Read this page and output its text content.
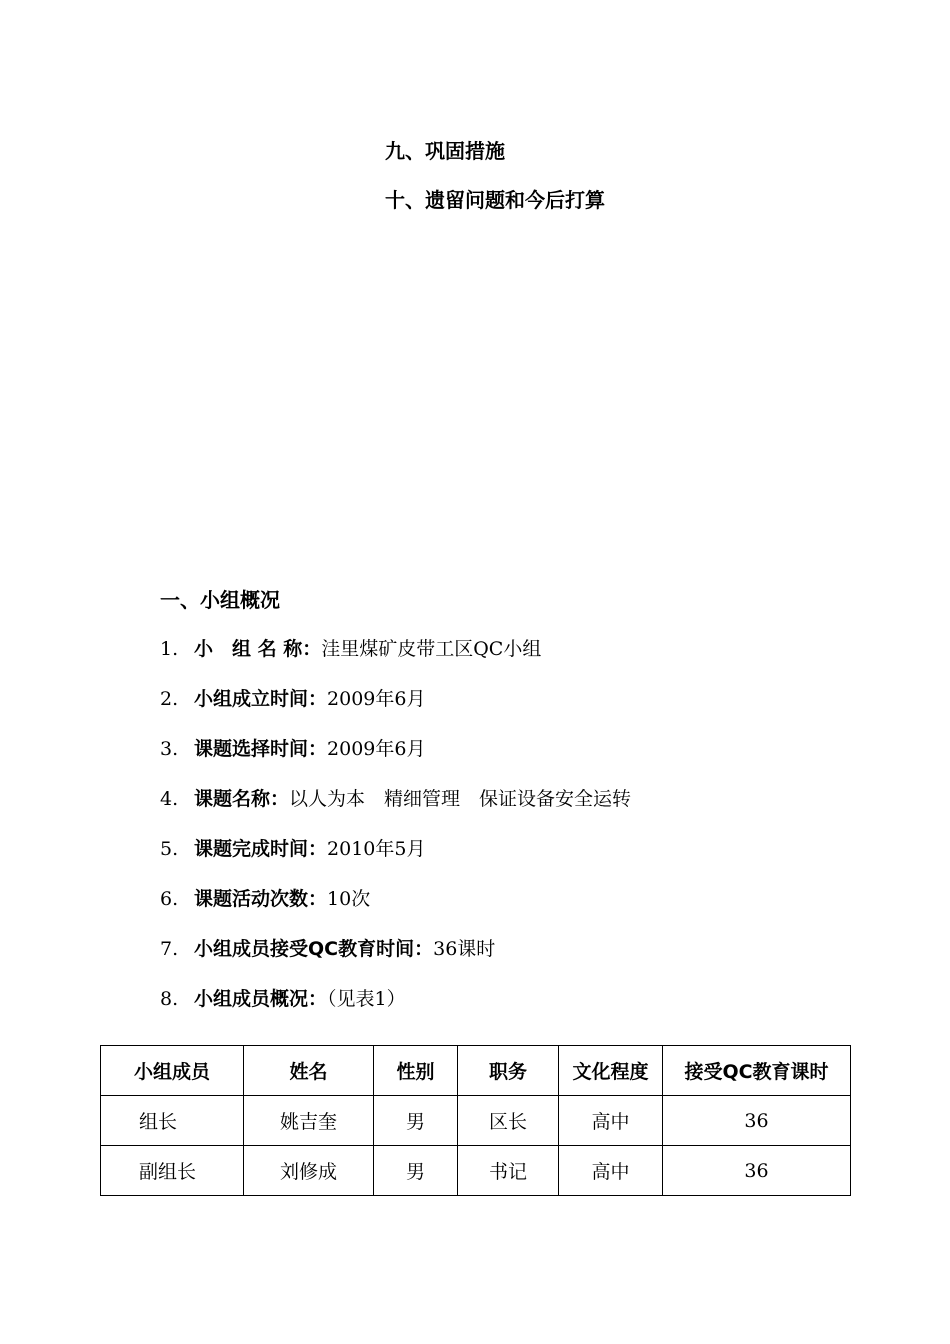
九、巩固措施
十、遗留问题和今后打算
一、小组概况
1. 小　组 名 称：洼里煤矿皮带工区QC小组
2. 小组成立时间：2009年6月
3. 课题选择时间：2009年6月
4. 课题名称：以人为本　精细管理　保证设备安全运转
5. 课题完成时间：2010年5月
6. 课题活动次数：10次
7. 小组成员接受QC教育时间：36课时
8. 小组成员概况：（见表1）
小组成员	姓名	性别	职务	文化程度	接受QC教育课时
组长	姚吉奎	男	区长	高中	36
副组长	刘修成	男	书记	高中	36
